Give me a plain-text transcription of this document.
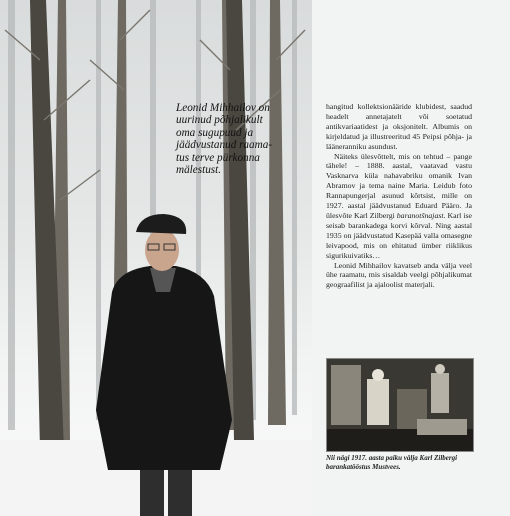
Leonid Mihhailov on
uurinud põhjalikult
oma sugupuud ja
jäädvustanud raama-
tus terve pürkonna
mälestust.

hangitud kollektsionääride klubidest, saadud headelt annetajatelt või soetatud antikvariaatidest ja oksjonitelt. Albumis on kirjeldatud ja illustreeritud 45 Peipsi põhja- ja lääneranniku asundust.

Näiteks ülesvõttelt, mis on tehtud – pange tähele! – 1888. aastal, vaatavad vastu Vasknarva küla nahavabriku omanik Ivan Abramov ja tema naine Maria. Leidub foto Rannapungerjal asunud kõrtsist, mille on 1927. aastal jäädvustanud Eduard Pääro. Ja ülesvõte Karl Zilbergi baranotšnajast. Karl ise seisab barankadega korvi kõrval. Ning aastal 1935 on jäädvustatud Kasepää valla omasegne leivapood, mis on ehitatud ümber riiklikus sigurikuivatiks…

Leonid Mihhailov kavatseb anda välja veel ühe raamatu, mis sisaldab veelgi põhjalikumat geograafilist ja ajaloolist materjali.

Nii nägi 1917. aasta paiku välja Karl Zilbergi barankatööstus Mustvees.
